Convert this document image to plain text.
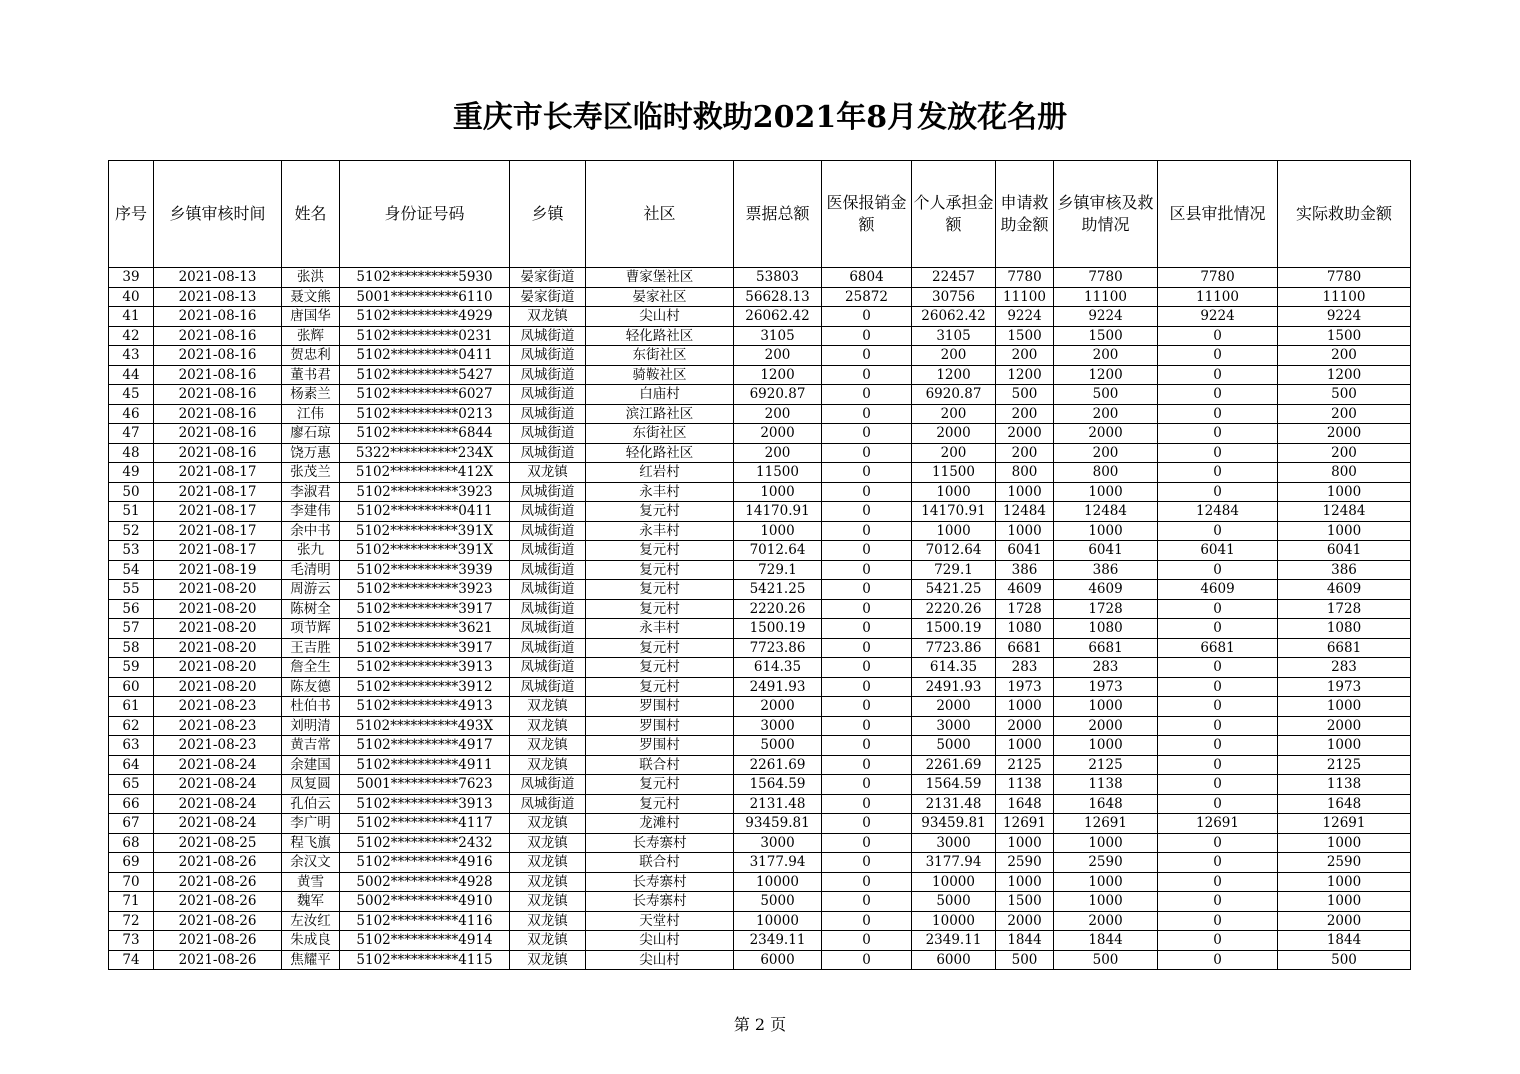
重庆市长寿区临时救助2021年8月发放花名册
序号	乡镇审核时间	姓名	身份证号码	乡镇	社区	票据总额	医保报销金额	个人承担金额	申请救助金额	乡镇审核及救助情况	区县审批情况	实际救助金额
39	2021-08-13	张洪	5102**********5930	晏家街道	曹家堡社区	53803	6804	22457	7780	7780	7780	7780
40	2021-08-13	聂文熊	5001**********6110	晏家街道	晏家社区	56628.13	25872	30756	11100	11100	11100	11100
41	2021-08-16	唐国华	5102**********4929	双龙镇	尖山村	26062.42	0	26062.42	9224	9224	9224	9224
42	2021-08-16	张辉	5102**********0231	凤城街道	轻化路社区	3105	0	3105	1500	1500	0	1500
43	2021-08-16	贺忠利	5102**********0411	凤城街道	东街社区	200	0	200	200	200	0	200
44	2021-08-16	董书君	5102**********5427	凤城街道	骑鞍社区	1200	0	1200	1200	1200	0	1200
45	2021-08-16	杨素兰	5102**********6027	凤城街道	白庙村	6920.87	0	6920.87	500	500	0	500
46	2021-08-16	江伟	5102**********0213	凤城街道	滨江路社区	200	0	200	200	200	0	200
47	2021-08-16	廖石琼	5102**********6844	凤城街道	东街社区	2000	0	2000	2000	2000	0	2000
48	2021-08-16	饶万惠	5322**********234X	凤城街道	轻化路社区	200	0	200	200	200	0	200
49	2021-08-17	张茂兰	5102**********412X	双龙镇	红岩村	11500	0	11500	800	800	0	800
50	2021-08-17	李淑君	5102**********3923	凤城街道	永丰村	1000	0	1000	1000	1000	0	1000
51	2021-08-17	李建伟	5102**********0411	凤城街道	复元村	14170.91	0	14170.91	12484	12484	12484	12484
52	2021-08-17	余中书	5102**********391X	凤城街道	永丰村	1000	0	1000	1000	1000	0	1000
53	2021-08-17	张九	5102**********391X	凤城街道	复元村	7012.64	0	7012.64	6041	6041	6041	6041
54	2021-08-19	毛清明	5102**********3939	凤城街道	复元村	729.1	0	729.1	386	386	0	386
55	2021-08-20	周游云	5102**********3923	凤城街道	复元村	5421.25	0	5421.25	4609	4609	4609	4609
56	2021-08-20	陈树全	5102**********3917	凤城街道	复元村	2220.26	0	2220.26	1728	1728	0	1728
57	2021-08-20	项节辉	5102**********3621	凤城街道	永丰村	1500.19	0	1500.19	1080	1080	0	1080
58	2021-08-20	王吉胜	5102**********3917	凤城街道	复元村	7723.86	0	7723.86	6681	6681	6681	6681
59	2021-08-20	詹全生	5102**********3913	凤城街道	复元村	614.35	0	614.35	283	283	0	283
60	2021-08-20	陈友德	5102**********3912	凤城街道	复元村	2491.93	0	2491.93	1973	1973	0	1973
61	2021-08-23	杜伯书	5102**********4913	双龙镇	罗围村	2000	0	2000	1000	1000	0	1000
62	2021-08-23	刘明清	5102**********493X	双龙镇	罗围村	3000	0	3000	2000	2000	0	2000
63	2021-08-23	黄吉常	5102**********4917	双龙镇	罗围村	5000	0	5000	1000	1000	0	1000
64	2021-08-24	余建国	5102**********4911	双龙镇	联合村	2261.69	0	2261.69	2125	2125	0	2125
65	2021-08-24	凤复圆	5001**********7623	凤城街道	复元村	1564.59	0	1564.59	1138	1138	0	1138
66	2021-08-24	孔伯云	5102**********3913	凤城街道	复元村	2131.48	0	2131.48	1648	1648	0	1648
67	2021-08-24	李广明	5102**********4117	双龙镇	龙滩村	93459.81	0	93459.81	12691	12691	12691	12691
68	2021-08-25	程飞旗	5102**********2432	双龙镇	长寿寨村	3000	0	3000	1000	1000	0	1000
69	2021-08-26	余汉文	5102**********4916	双龙镇	联合村	3177.94	0	3177.94	2590	2590	0	2590
70	2021-08-26	黄雪	5002**********4928	双龙镇	长寿寨村	10000	0	10000	1000	1000	0	1000
71	2021-08-26	魏军	5002**********4910	双龙镇	长寿寨村	5000	0	5000	1500	1000	0	1000
72	2021-08-26	左汝红	5102**********4116	双龙镇	天堂村	10000	0	10000	2000	2000	0	2000
73	2021-08-26	朱成良	5102**********4914	双龙镇	尖山村	2349.11	0	2349.11	1844	1844	0	1844
74	2021-08-26	焦耀平	5102**********4115	双龙镇	尖山村	6000	0	6000	500	500	0	500
第 2 页
